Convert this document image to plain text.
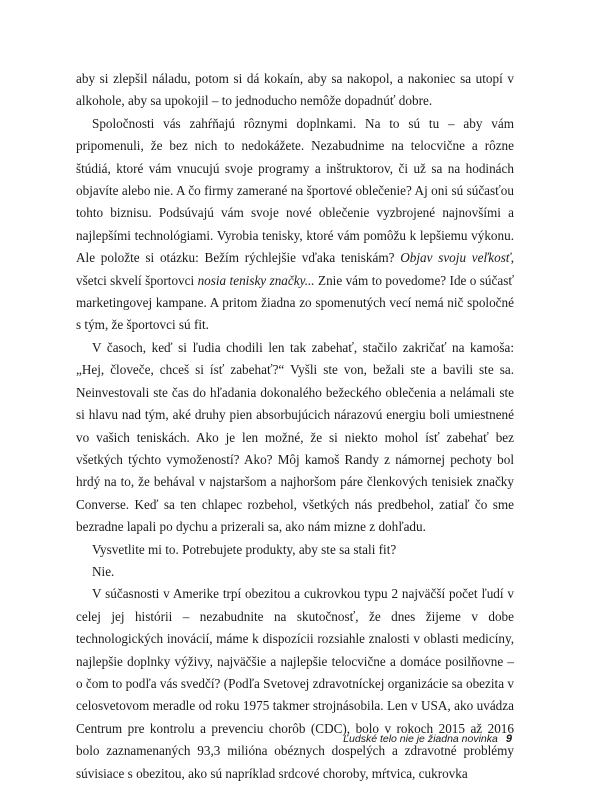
aby si zlepšil náladu, potom si dá kokaín, aby sa nakopol, a nakoniec sa utopí v alkohole, aby sa upokojil – to jednoducho nemôže dopadnúť dobre.

Spoločnosti vás zahŕňajú rôznymi doplnkami. Na to sú tu – aby vám pripomenuli, že bez nich to nedokážete. Nezabudnime na telocvične a rôzne štúdiá, ktoré vám vnucujú svoje programy a inštruktorov, či už sa na hodinách objavíte alebo nie. A čo firmy zamerané na športové oblečenie? Aj oni sú súčasťou tohto biznisu. Podsúvajú vám svoje nové oblečenie vyzbrojené najnovšími a najlepšími technológiami. Vyrobia tenisky, ktoré vám pomôžu k lepšiemu výkonu. Ale položte si otázku: Bežím rýchlejšie vďaka teniskám? Objav svoju veľkosť, všetci skvelí športovci nosia tenisky značky... Znie vám to povedome? Ide o súčasť marketingovej kampane. A pritom žiadna zo spomenutých vecí nemá nič spoločné s tým, že športovci sú fit.

V časoch, keď si ľudia chodili len tak zabehať, stačilo zakričať na kamoša: „Hej, človeče, chceš si ísť zabehať?“ Vyšli ste von, bežali ste a bavili ste sa. Neinvestovali ste čas do hľadania dokonalého bežeckého oblečenia a nelámali ste si hlavu nad tým, aké druhy pien absorbujúcich nárazovú energiu boli umiestnené vo vašich teniskách. Ako je len možné, že si niekto mohol ísť zabehať bez všetkých týchto vymožeností? Ako? Môj kamoš Randy z námornej pechoty bol hrdý na to, že behával v najstaršom a najhoršom páre členkových tenisiek značky Converse. Keď sa ten chlapec rozbehol, všetkých nás predbehol, zatiaľ čo sme bezradne lapali po dychu a prizerali sa, ako nám mizne z dohľadu.

Vysvetlite mi to. Potrebujete produkty, aby ste sa stali fit?

Nie.

V súčasnosti v Amerike trpí obezitou a cukrovkou typu 2 najväčší počet ľudí v celej jej histórii – nezabudnite na skutočnosť, že dnes žijeme v dobe technologických inovácií, máme k dispozícii rozsiahle znalosti v oblasti medicíny, najlepšie doplnky výživy, najväčšie a najlepšie telocvične a domáce posilňovne – o čom to podľa vás svedčí? (Podľa Svetovej zdravotníckej organizácie sa obezita v celosvetovom meradle od roku 1975 takmer strojnásobila. Len v USA, ako uvádza Centrum pre kontrolu a prevenciu chorôb (CDC), bolo v rokoch 2015 až 2016 bolo zaznamenaných 93,3 milióna obéznych dospelých a zdravotné problémy súvisiace s obezitou, ako sú napríklad srdcové choroby, mŕtvica, cukrovka

Ľudské telo nie je žiadna novinka 9
